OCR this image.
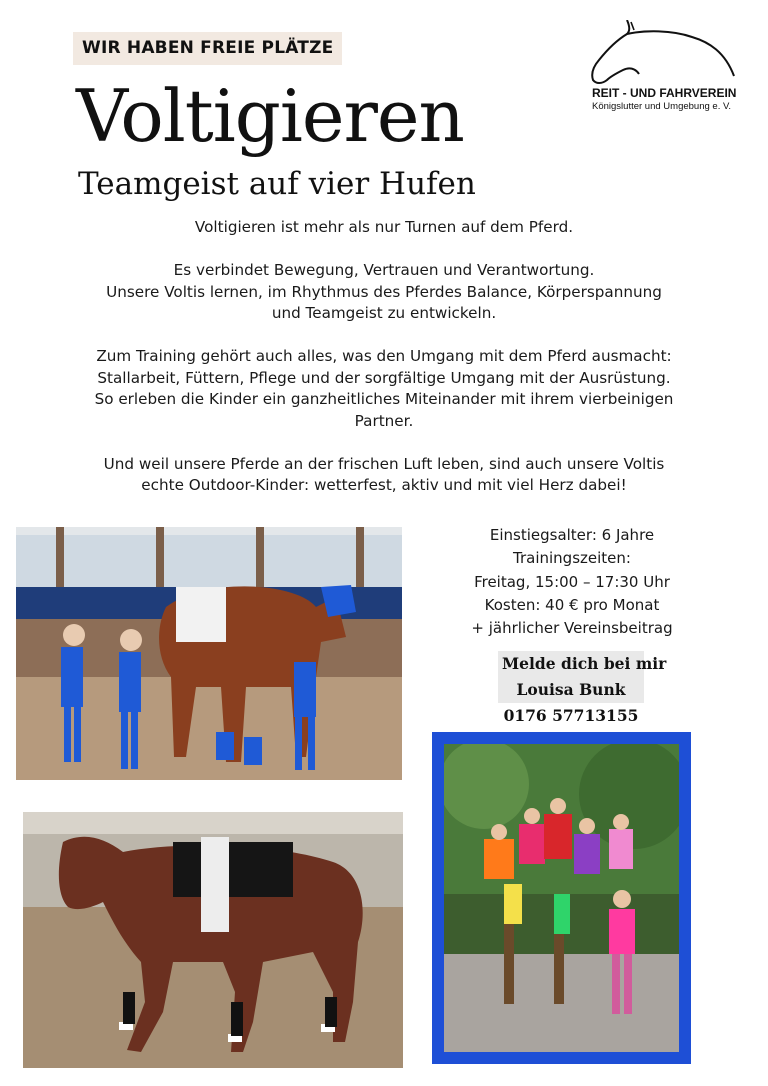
WIR HABEN FREIE PLÄTZE
Voltigieren
Teamgeist auf vier Hufen
REIT - UND FAHRVEREIN
Königslutter und Umgebung e. V.

Voltigieren ist mehr als nur Turnen auf dem Pferd.

Es verbindet Bewegung, Vertrauen und Verantwortung.
Unsere Voltis lernen, im Rhythmus des Pferdes Balance, Körperspannung
und Teamgeist zu entwickeln.

Zum Training gehört auch alles, was den Umgang mit dem Pferd ausmacht:
Stallarbeit, Füttern, Pflege und der sorgfältige Umgang mit der Ausrüstung.
So erleben die Kinder ein ganzheitliches Miteinander mit ihrem vierbeinigen
Partner.

Und weil unsere Pferde an der frischen Luft leben, sind auch unsere Voltis
echte Outdoor-Kinder: wetterfest, aktiv und mit viel Herz dabei!

Einstiegsalter: 6 Jahre
Trainingszeiten:
Freitag, 15:00 – 17:30 Uhr
Kosten: 40 € pro Monat
+ jährlicher Vereinsbeitrag
Melde dich bei mir
Louisa Bunk
0176 57713155
